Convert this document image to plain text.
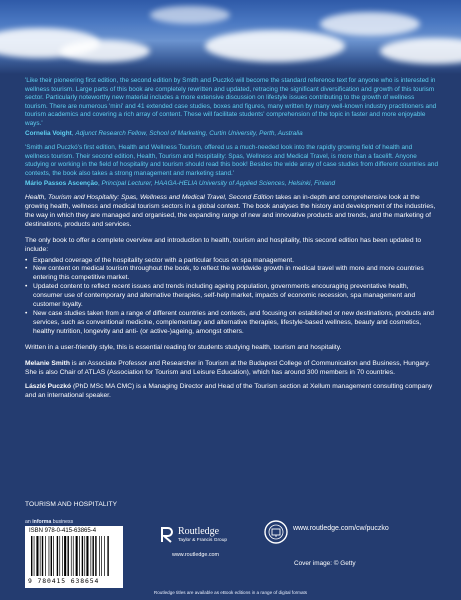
'Like their pioneering first edition, the second edition by Smith and Puczkó will become the standard reference text for anyone who is interested in wellness tourism. Large parts of this book are completely rewritten and updated, retracing the significant diversification and growth of this tourism sector. Particularly noteworthy new material includes a more extensive discussion on lifestyle issues contributing to the growth of wellness tourism. There are numerous 'mini' and 41 extended case studies, boxes and figures, many written by many well-known industry practitioners and tourism academics and covering a rich array of content. These will facilitate students' comprehension of the topic in faster and more enjoyable ways.'

Cornelia Voight, Adjunct Research Fellow, School of Marketing, Curtin University, Perth, Australia

'Smith and Puczkó's first edition, Health and Wellness Tourism, offered us a much-needed look into the rapidly growing field of health and wellness tourism. Their second edition, Health, Tourism and Hospitality: Spas, Wellness and Medical Travel, is more than a facelift. Anyone studying or working in the field of hospitality and tourism should read this book! Besides the wide array of case studies from different countries and contexts, the book also takes a strong management and marketing stand.'

Mário Passos Ascenção, Principal Lecturer, HAAGA-HELIA University of Applied Sciences, Helsinki, Finland

Health, Tourism and Hospitality: Spas, Wellness and Medical Travel, Second Edition takes an in-depth and comprehensive look at the growing health, wellness and medical tourism sectors in a global context. The book analyses the history and development of the industries, the way in which they are managed and organised, the expanding range of new and innovative products and trends, and the marketing of destinations, products and services.

The only book to offer a complete overview and introduction to health, tourism and hospitality, this second edition has been updated to include:

• Expanded coverage of the hospitality sector with a particular focus on spa management.
• New content on medical tourism throughout the book, to reflect the worldwide growth in medical travel with more and more countries entering this competitive market.
• Updated content to reflect recent issues and trends including ageing population, governments encouraging preventative health, consumer use of contemporary and alternative therapies, self-help market, impacts of economic recession, spa management and customer loyalty.
• New case studies taken from a range of different countries and contexts, and focusing on established or new destinations, products and services, such as conventional medicine, complementary and alternative therapies, lifestyle-based wellness, beauty and cosmetics, healthy nutrition, longevity and anti- (or active-)ageing, amongst others.

Written in a user-friendly style, this is essential reading for students studying health, tourism and hospitality.

Melanie Smith is an Associate Professor and Researcher in Tourism at the Budapest College of Communication and Business, Hungary. She is also Chair of ATLAS (Association for Tourism and Leisure Education), which has around 300 members in 70 countries.

László Puczkó (PhD MSc MA CMC) is a Managing Director and Head of the Tourism section at Xellum management consulting company and an international speaker.

TOURISM AND HOSPITALITY
an informa business
ISBN 978-0-415-63865-4
9 780415 638654
Routledge
Taylor & Francis Group
www.routledge.com
www.routledge.com/cw/puczko
Cover image: © Getty
Routledge titles are available as eBook editions in a range of digital formats
